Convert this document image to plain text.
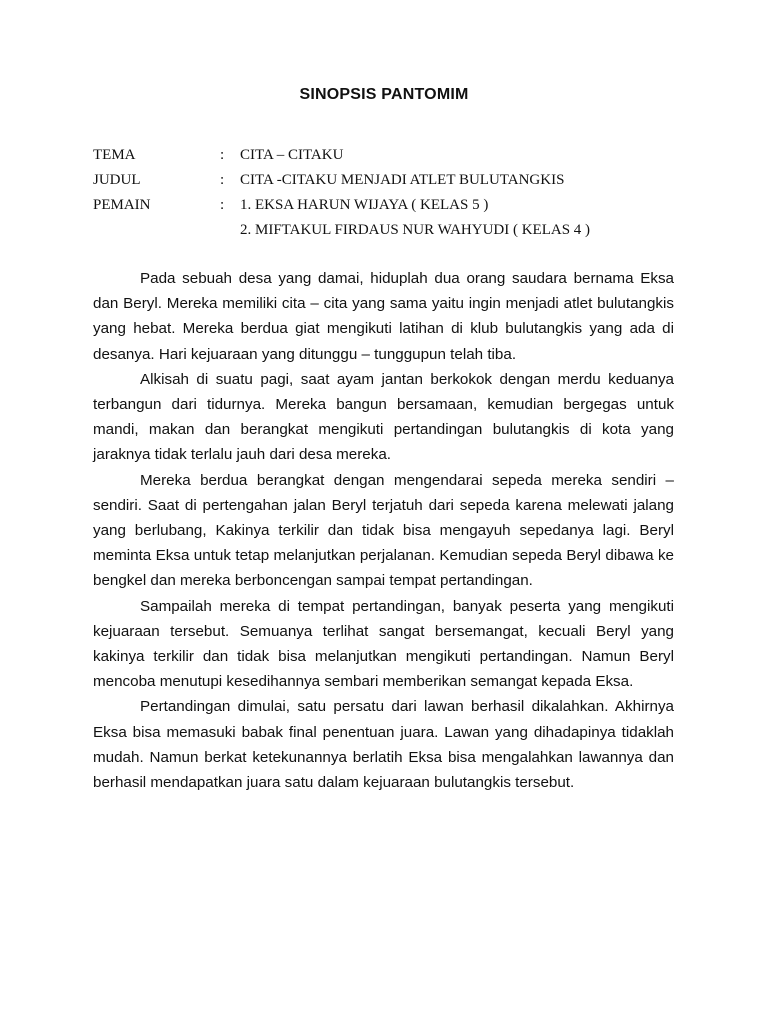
SINOPSIS PANTOMIM
TEMA	: CITA – CITAKU
JUDUL	: CITA -CITAKU MENJADI ATLET BULUTANGKIS
PEMAIN	: 1. EKSA HARUN WIJAYA ( KELAS 5 )
2. MIFTAKUL FIRDAUS NUR WAHYUDI ( KELAS 4 )

Pada sebuah desa yang damai, hiduplah dua orang saudara bernama Eksa dan Beryl. Mereka memiliki cita – cita yang sama yaitu ingin menjadi atlet bulutangkis yang hebat. Mereka berdua giat mengikuti latihan di klub bulutangkis yang ada di desanya. Hari kejuaraan yang ditunggu – tunggupun telah tiba.

Alkisah di suatu pagi, saat ayam jantan berkokok dengan merdu keduanya terbangun dari tidurnya. Mereka bangun bersamaan, kemudian bergegas untuk mandi, makan dan berangkat mengikuti pertandingan bulutangkis di kota yang jaraknya tidak terlalu jauh dari desa mereka.

Mereka berdua berangkat dengan mengendarai sepeda mereka sendiri – sendiri. Saat di pertengahan jalan Beryl terjatuh dari sepeda karena melewati jalang yang berlubang, Kakinya terkilir dan tidak bisa mengayuh sepedanya lagi. Beryl meminta Eksa untuk tetap melanjutkan perjalanan. Kemudian sepeda Beryl dibawa ke bengkel dan mereka berboncengan sampai tempat pertandingan.

Sampailah mereka di tempat pertandingan, banyak peserta yang mengikuti kejuaraan tersebut. Semuanya terlihat sangat bersemangat, kecuali Beryl yang kakinya terkilir dan tidak bisa melanjutkan mengikuti pertandingan. Namun Beryl mencoba menutupi kesedihannya sembari memberikan semangat kepada Eksa.

Pertandingan dimulai, satu persatu dari lawan berhasil dikalahkan. Akhirnya Eksa bisa memasuki babak final penentuan juara. Lawan yang dihadapinya tidaklah mudah. Namun berkat ketekunannya berlatih Eksa bisa mengalahkan lawannya dan berhasil mendapatkan juara satu dalam kejuaraan bulutangkis tersebut.
